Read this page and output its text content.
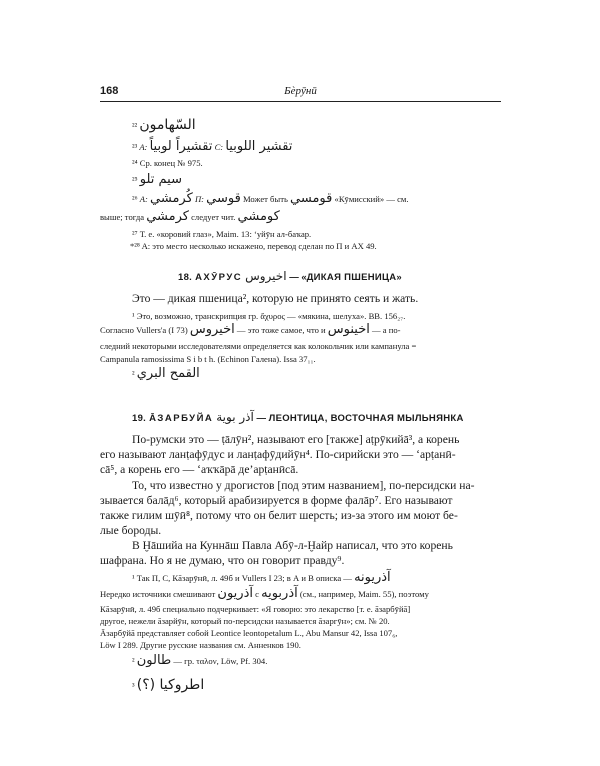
168	Бѐрӯнӣ
²² السّهامون
²³ A: تقشيراً لوبياً C: تقشير اللوبيا
²⁴ Ср. конец № 975.
²⁵ سيم تلو
²⁶ A: كُرمشي П: قوسي Может быть قومسي «Кӯмисский» — см.
выше; тогда كرمشي следует чит. كومشي
²⁷ Т. е. «коровий глаз», Maim. 13: ‘уйӯн ал-баҡар.
*²⁸ A: это место несколько искажено, перевод сделан по П и AX 49.
18. АХӮРУС اخيروس — «ДИКАЯ ПШЕНИЦА»
Это — дикая пшеница², которую не принято сеять и жать.
¹ Это, возможно, транскрипция гр. ἄχυρος — «мякина, шелуха». ВВ. 156₂₇.
Согласно Vullers'a (I 73) اخيروس — это тоже самое, что и اخينوس — а по-
следний некоторыми исследователями определяется как колокольчик или кампанула =
Campanula ramosissima S i b t h. (Echinon Галена). Issa 37₁₁.
² القمح البري
19. ĀЗАРБУЙА آذر بوية — ЛЕОНТИЦА, ВОСТОЧНАЯ МЫЛЬНЯНКА
По-румски это — ṭāлӯн², называют его [также] аṭрӯкийā³, а корень
его называют ланṭафӯдус и ланṭафӯдийӯн⁴. По-сирийски это — ‘арṭанӣ-
сā⁵, а корень его — ‘аҡҡāрā де’арṭанӣсā.
То, что известно у дрогистов [под этим названием], по-персидски на-
зывается балāд⁶, который арабизируется в форме фалāр⁷. Его называют
также гилим шӯӣ⁸, потому что он белит шерсть; из-за этого им моют бе-
лые бороды.
В Ḫāшийа на Куннāш Павла Абӯ-л-Ḫайр написал, что это корень
шафрана. Но я не думаю, что он говорит правду⁹.
¹ Так П, С, Кāзарӯнӣ, л. 49б и Vullers I 23; в А и В описка — آذريونه
Нередко источники смешивают آذريون с آذربويه (см., например, Maim. 55), поэтому
Кāзарӯнӣ, л. 49б специально подчеркивает: «Я говорю: это лекарство [т. е. āзарбӯйā]
другое, нежели āзарйӯн, который по-персидски называется āзаргӯн»; см. № 20.
Āзарбӯйā представляет собой Leontice leontopetalum L., Abu Mansur 42, Issa 107₆,
Löw I 289. Другие русские названия см. Анненков 190.
² طالون — гр. ταλον, Löw, Pf. 304.
³ اطروكيا (؟)
